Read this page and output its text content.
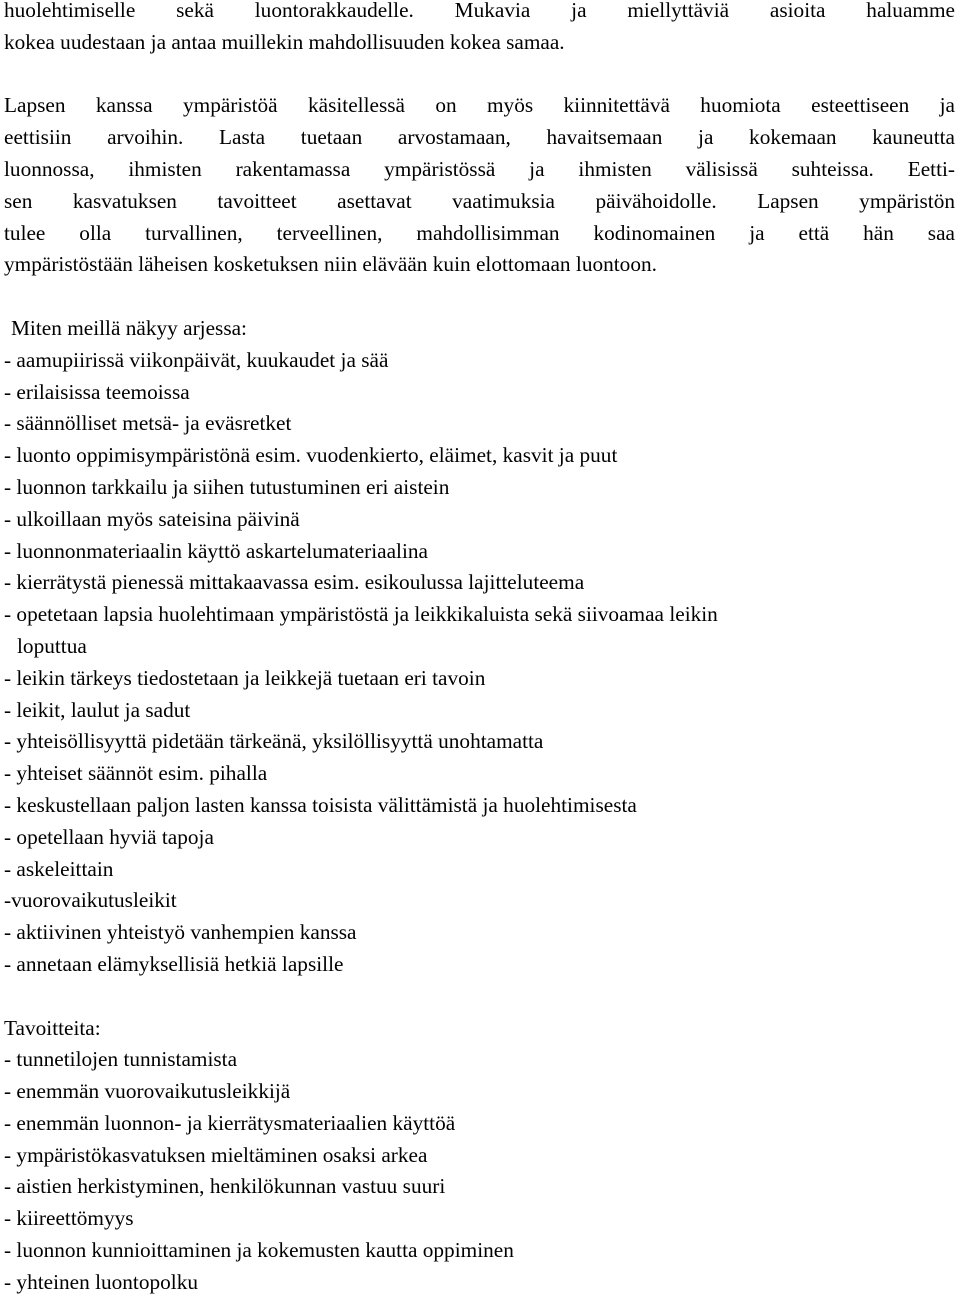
huolehtimiselle sekä luontorakkaudelle. Mukavia ja miellyttäviä asioita haluamme
kokea uudestaan ja antaa muillekin mahdollisuuden kokea samaa.
Lapsen kanssa ympäristöä käsitellessä on myös kiinnitettävä huomiota esteettiseen ja
eettisiin arvoihin. Lasta tuetaan arvostamaan, havaitsemaan ja kokemaan kauneutta
luonnossa, ihmisten rakentamassa ympäristössä ja ihmisten välisissä suhteissa. Eetti-
sen kasvatuksen tavoitteet asettavat vaatimuksia päivähoidolle. Lapsen ympäristön
tulee olla turvallinen, terveellinen, mahdollisimman kodinomainen ja että hän saa
ympäristöstään läheisen kosketuksen niin elävään kuin elottomaan luontoon.
Miten meillä näkyy arjessa:
- aamupiirissä viikonpäivät, kuukaudet ja sää
- erilaisissa teemoissa
- säännölliset metsä- ja eväsretket
- luonto oppimisympäristönä esim. vuodenkierto, eläimet, kasvit ja puut
- luonnon tarkkailu ja siihen tutustuminen eri aistein
- ulkoillaan myös sateisina päivinä
- luonnonmateriaalin käyttö askartelumateriaalina
- kierrätystä pienessä mittakaavassa esim. esikoulussa lajitteluteema
- opetetaan lapsia huolehtimaan ympäristöstä ja leikkikaluista sekä siivoamaa leikin
loputtua
- leikin tärkeys tiedostetaan ja leikkejä tuetaan eri tavoin
- leikit, laulut ja sadut
- yhteisöllisyyttä pidetään tärkeänä, yksilöllisyyttä unohtamatta
- yhteiset säännöt esim. pihalla
- keskustellaan paljon lasten kanssa toisista välittämistä ja huolehtimisesta
- opetellaan hyviä tapoja
- askeleittain
-vuorovaikutusleikit
- aktiivinen yhteistyö vanhempien kanssa
- annetaan elämyksellisiä hetkiä lapsille
Tavoitteita:
- tunnetilojen tunnistamista
- enemmän vuorovaikutusleikkijä
- enemmän luonnon- ja kierrätysmateriaalien käyttöä
- ympäristökasvatuksen mieltäminen osaksi arkea
- aistien herkistyminen, henkilökunnan vastuu suuri
- kiireettömyys
- luonnon kunnioittaminen ja kokemusten kautta oppiminen
- yhteinen luontopolku
